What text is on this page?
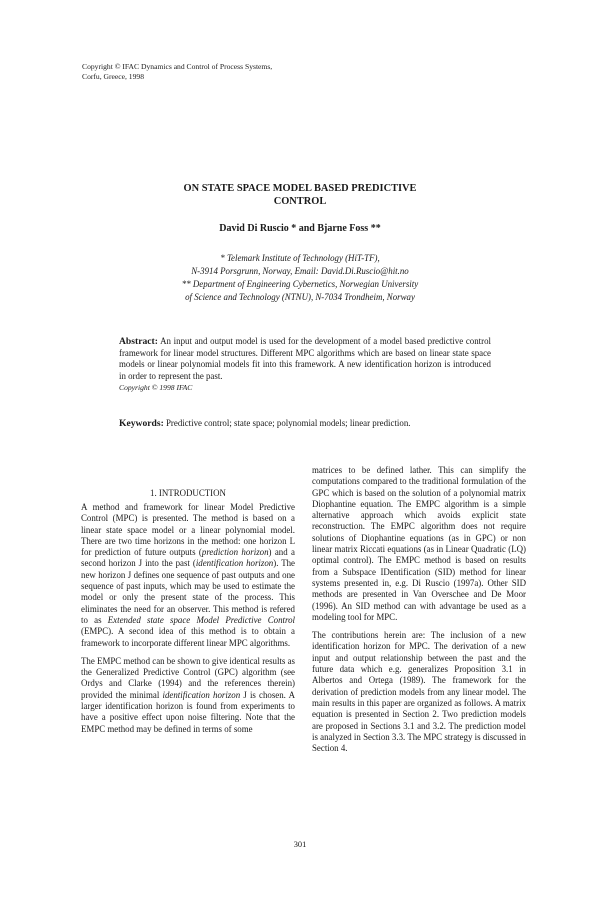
Copyright © IFAC Dynamics and Control of Process Systems,
Corfu, Greece, 1998
ON STATE SPACE MODEL BASED PREDICTIVE
CONTROL
David Di Ruscio * and Bjarne Foss **
* Telemark Institute of Technology (HiT-TF),
N-3914 Porsgrunn, Norway, Email: David.Di.Ruscio@hit.no
** Department of Engineering Cybernetics, Norwegian University
of Science and Technology (NTNU), N-7034 Trondheim, Norway
Abstract: An input and output model is used for the development of a model based predictive control framework for linear model structures. Different MPC algorithms which are based on linear state space models or linear polynomial models fit into this framework. A new identification horizon is introduced in order to represent the past.
Copyright © 1998 IFAC
Keywords: Predictive control; state space; polynomial models; linear prediction.
1. INTRODUCTION

A method and framework for linear Model Predictive Control (MPC) is presented. The method is based on a linear state space model or a linear polynomial model. There are two time horizons in the method: one horizon L for prediction of future outputs (prediction horizon) and a second horizon J into the past (identification horizon). The new horizon J defines one sequence of past outputs and one sequence of past inputs, which may be used to estimate the model or only the present state of the process. This eliminates the need for an observer. This method is refered to as Extended state space Model Predictive Control (EMPC). A second idea of this method is to obtain a framework to incorporate different linear MPC algorithms.

The EMPC method can be shown to give identical results as the Generalized Predictive Control (GPC) algorithm (see Ordys and Clarke (1994) and the references therein) provided the minimal identification horizon J is chosen. A larger identification horizon is found from experiments to have a positive effect upon noise filtering. Note that the EMPC method may be defined in terms of some

matrices to be defined lather. This can simplify the computations compared to the traditional formulation of the GPC which is based on the solution of a polynomial matrix Diophantine equation. The EMPC algorithm is a simple alternative approach which avoids explicit state reconstruction. The EMPC algorithm does not require solutions of Diophantine equations (as in GPC) or non linear matrix Riccati equations (as in Linear Quadratic (LQ) optimal control). The EMPC method is based on results from a Subspace IDentification (SID) method for linear systems presented in, e.g. Di Ruscio (1997a). Other SID methods are presented in Van Overschee and De Moor (1996). An SID method can with advantage be used as a modeling tool for MPC.

The contributions herein are: The inclusion of a new identification horizon for MPC. The derivation of a new input and output relationship between the past and the future data which e.g. generalizes Proposition 3.1 in Albertos and Ortega (1989). The framework for the derivation of prediction models from any linear model. The main results in this paper are organized as follows. A matrix equation is presented in Section 2. Two prediction models are proposed in Sections 3.1 and 3.2. The prediction model is analyzed in Section 3.3. The MPC strategy is discussed in Section 4.

301
